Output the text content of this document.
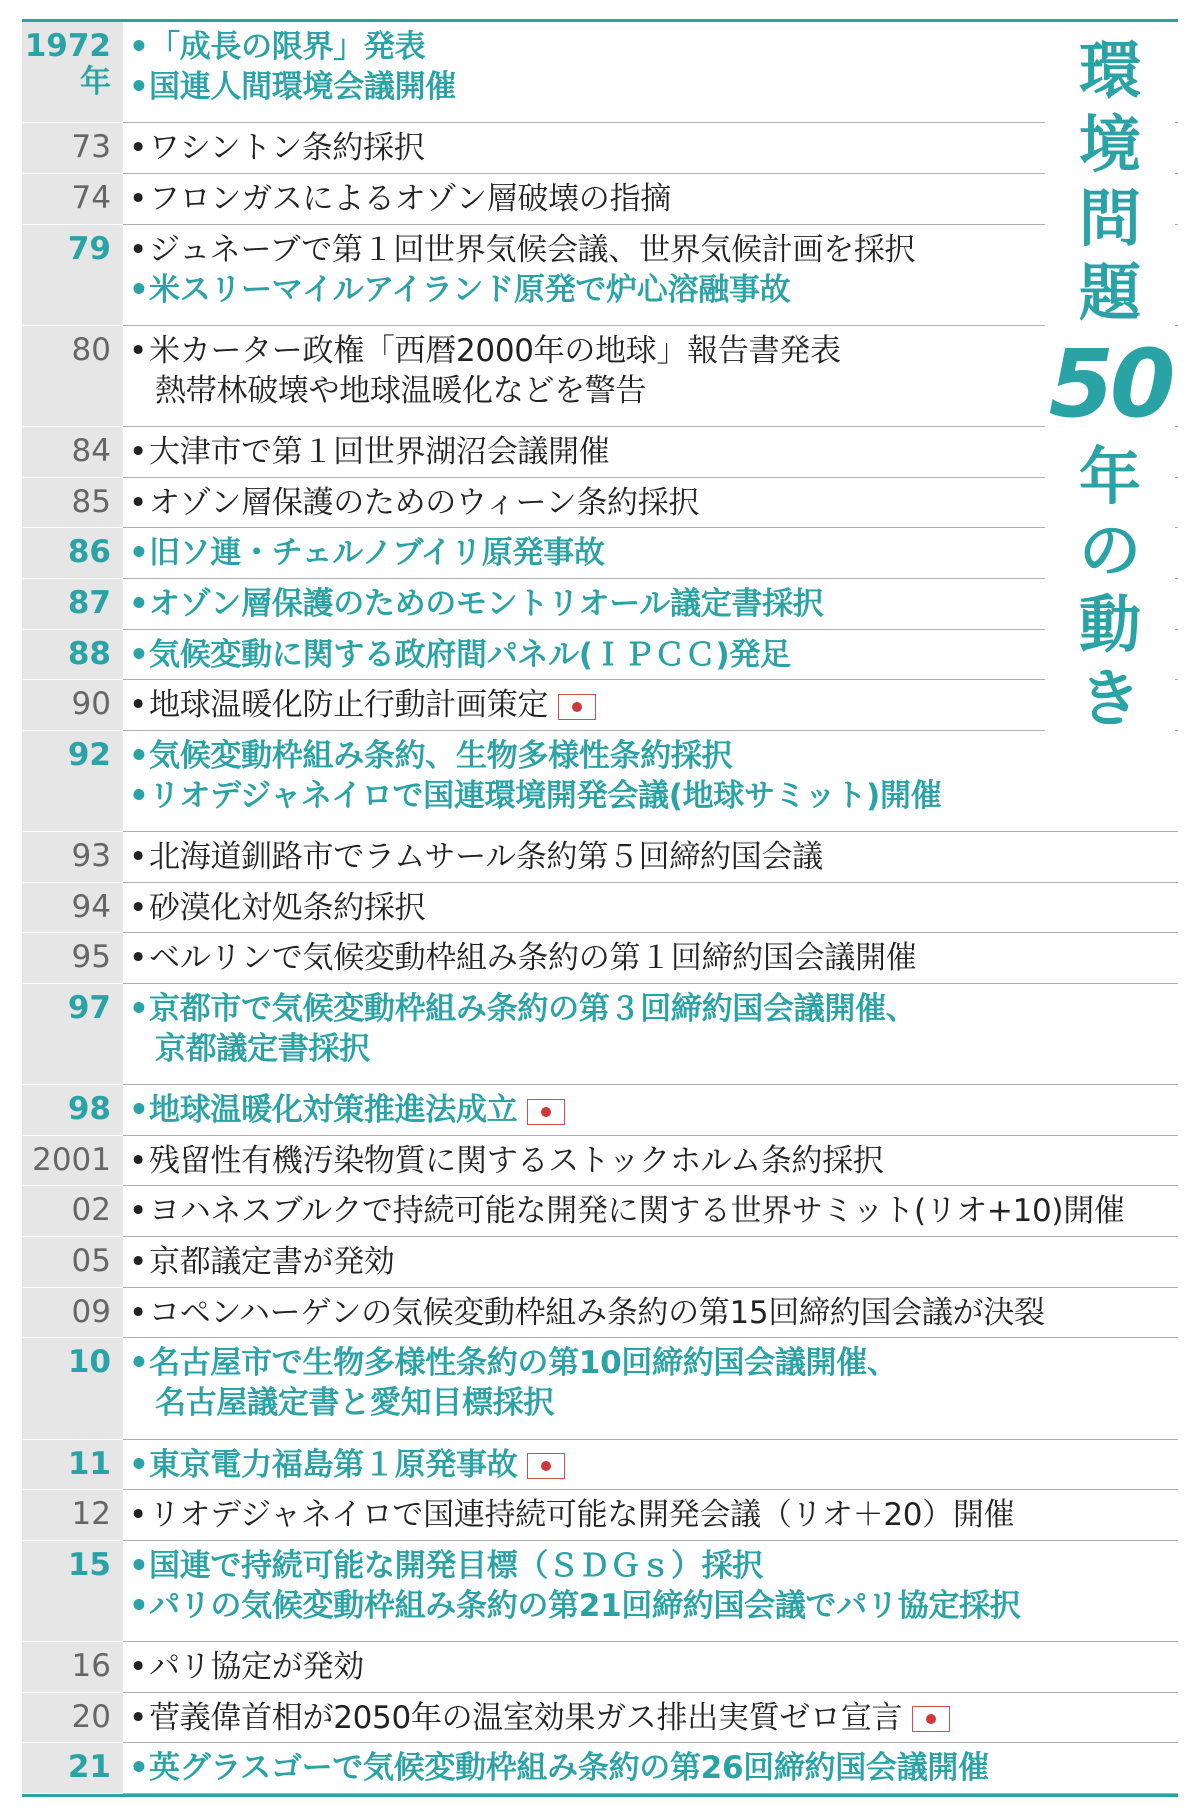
1972
年
•「成長の限界」発表
•国連人間環境会議開催
73 •ワシントン条約採択
74 •フロンガスによるオゾン層破壊の指摘
79 •ジュネーブで第１回世界気候会議、世界気候計画を採択
•米スリーマイルアイランド原発で炉心溶融事故
80 •米カーター政権「西暦2000年の地球」報告書発表
熱帯林破壊や地球温暖化などを警告
84 •大津市で第１回世界湖沼会議開催
85 •オゾン層保護のためのウィーン条約採択
86 •旧ソ連・チェルノブイリ原発事故
87 •オゾン層保護のためのモントリオール議定書採択
88 •気候変動に関する政府間パネル(ＩＰＣＣ)発足
90 •地球温暖化防止行動計画策定
92 •気候変動枠組み条約、生物多様性条約採択
•リオデジャネイロで国連環境開発会議(地球サミット)開催
93 •北海道釧路市でラムサール条約第５回締約国会議
94 •砂漠化対処条約採択
95 •ベルリンで気候変動枠組み条約の第１回締約国会議開催
97 •京都市で気候変動枠組み条約の第３回締約国会議開催、
京都議定書採択
98 •地球温暖化対策推進法成立
2001 •残留性有機汚染物質に関するストックホルム条約採択
02 •ヨハネスブルクで持続可能な開発に関する世界サミット(リオ+10)開催
05 •京都議定書が発効
09 •コペンハーゲンの気候変動枠組み条約の第15回締約国会議が決裂
10 •名古屋市で生物多様性条約の第10回締約国会議開催、
名古屋議定書と愛知目標採択
11 •東京電力福島第１原発事故
12 •リオデジャネイロで国連持続可能な開発会議（リオ＋20）開催
15 •国連で持続可能な開発目標（ＳＤＧｓ）採択
•パリの気候変動枠組み条約の第21回締約国会議でパリ協定採択
16 •パリ協定が発効
20 •菅義偉首相が2050年の温室効果ガス排出実質ゼロ宣言
21 •英グラスゴーで気候変動枠組み条約の第26回締約国会議開催
環
境
問
題
50
年
の
動
き
